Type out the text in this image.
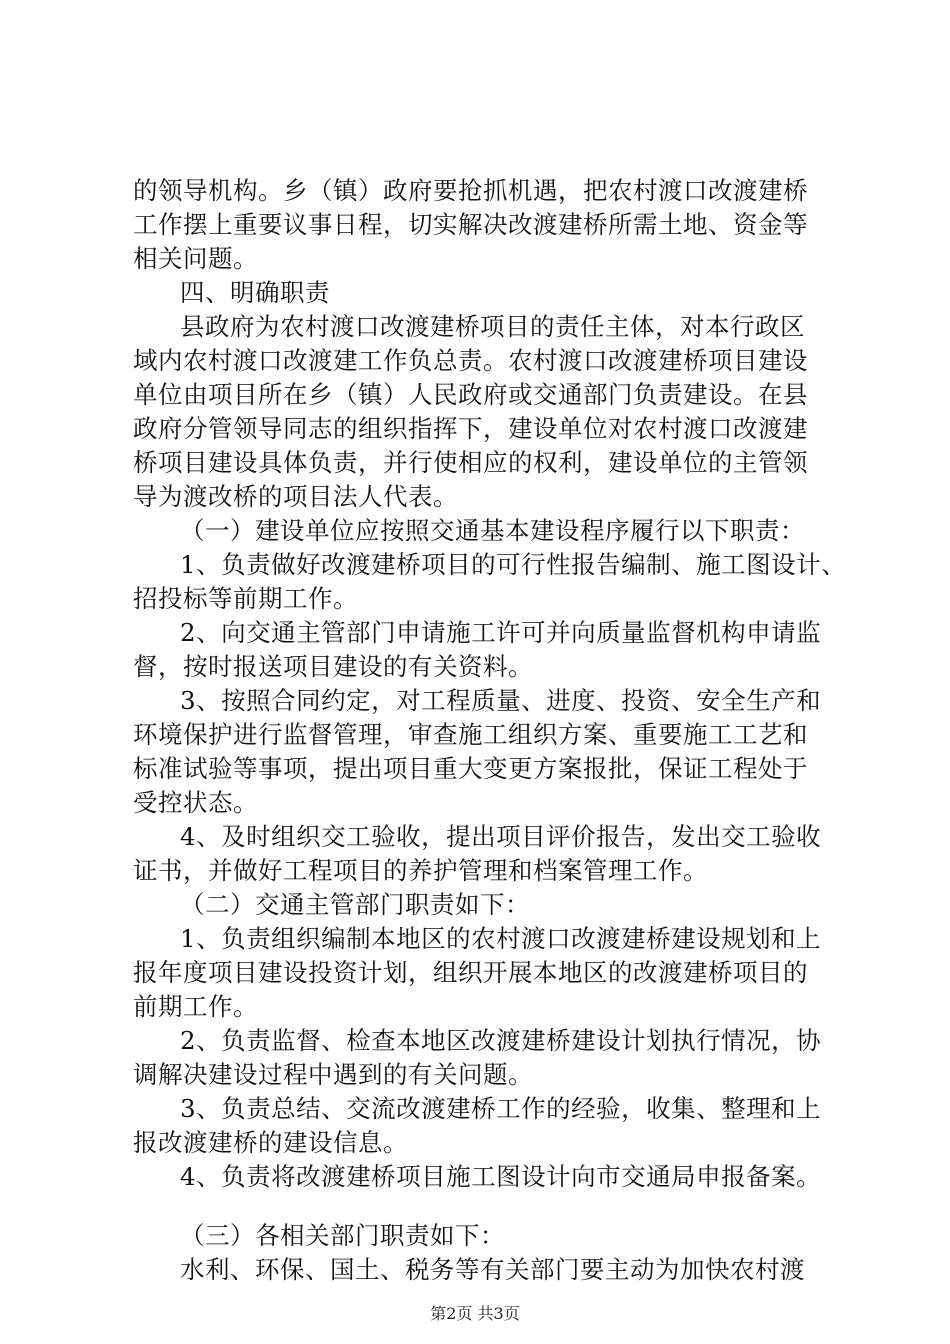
的领导机构。乡（镇）政府要抢抓机遇，把农村渡口改渡建桥
工作摆上重要议事日程，切实解决改渡建桥所需土地、资金等
相关问题。
四、明确职责
县政府为农村渡口改渡建桥项目的责任主体，对本行政区
域内农村渡口改渡建工作负总责。农村渡口改渡建桥项目建设
单位由项目所在乡（镇）人民政府或交通部门负责建设。在县
政府分管领导同志的组织指挥下，建设单位对农村渡口改渡建
桥项目建设具体负责，并行使相应的权利，建设单位的主管领
导为渡改桥的项目法人代表。
（一）建设单位应按照交通基本建设程序履行以下职责：
1、负责做好改渡建桥项目的可行性报告编制、施工图设计、
招投标等前期工作。
2、向交通主管部门申请施工许可并向质量监督机构申请监
督，按时报送项目建设的有关资料。
3、按照合同约定，对工程质量、进度、投资、安全生产和
环境保护进行监督管理，审查施工组织方案、重要施工工艺和
标准试验等事项，提出项目重大变更方案报批，保证工程处于
受控状态。
4、及时组织交工验收，提出项目评价报告，发出交工验收
证书，并做好工程项目的养护管理和档案管理工作。
（二）交通主管部门职责如下：
1、负责组织编制本地区的农村渡口改渡建桥建设规划和上
报年度项目建设投资计划，组织开展本地区的改渡建桥项目的
前期工作。
2、负责监督、检查本地区改渡建桥建设计划执行情况，协
调解决建设过程中遇到的有关问题。
3、负责总结、交流改渡建桥工作的经验，收集、整理和上
报改渡建桥的建设信息。
4、负责将改渡建桥项目施工图设计向市交通局申报备案。
（三）各相关部门职责如下：
水利、环保、国土、税务等有关部门要主动为加快农村渡
第2页 共3页
